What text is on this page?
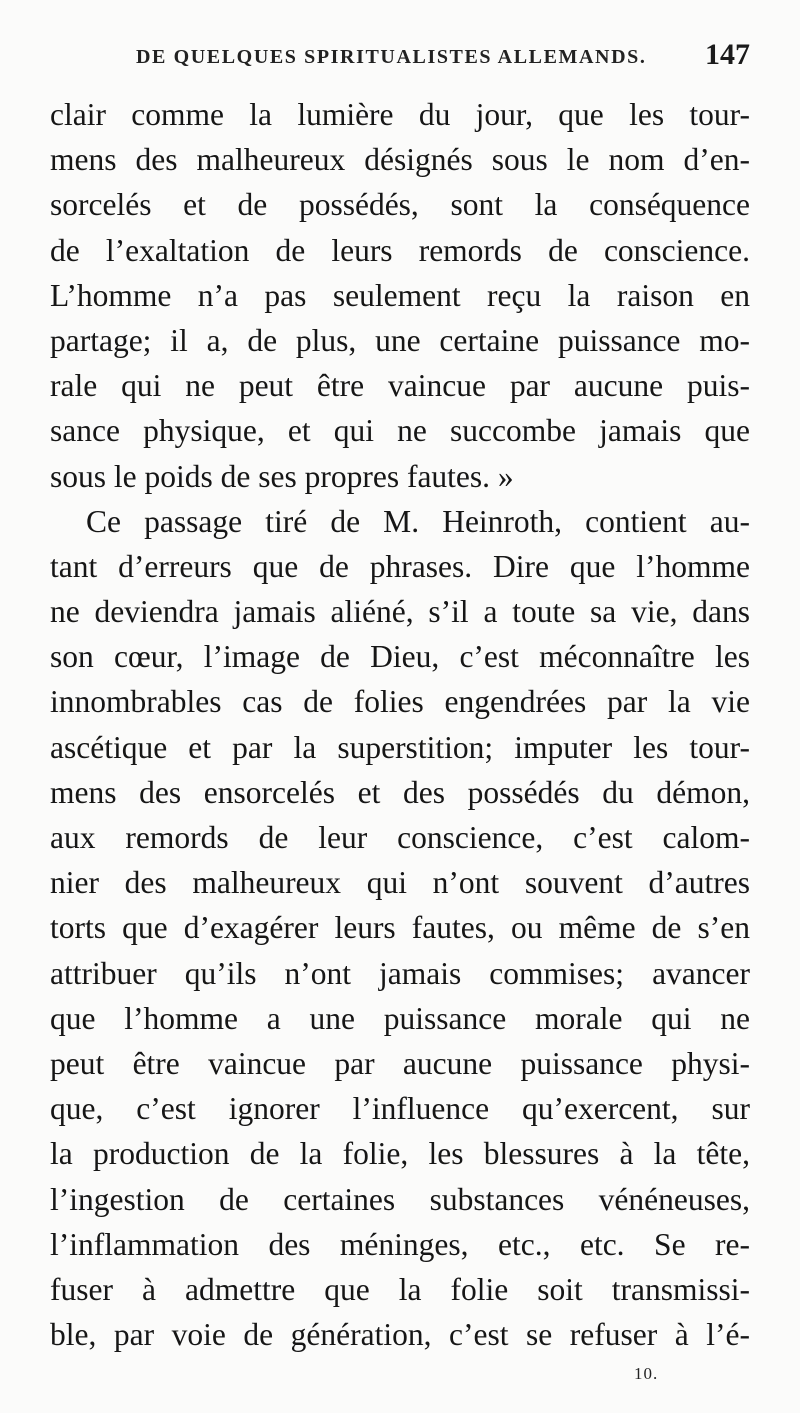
DE QUELQUES SPIRITUALISTES ALLEMANDS. 147
clair comme la lumière du jour, que les tour-
mens des malheureux désignés sous le nom d’en-
sorcelés et de possédés, sont la conséquence
de l’exaltation de leurs remords de conscience.
L’homme n’a pas seulement reçu la raison en
partage; il a, de plus, une certaine puissance mo-
rale qui ne peut être vaincue par aucune puis-
sance physique, et qui ne succombe jamais que
sous le poids de ses propres fautes. »
Ce passage tiré de M. Heinroth, contient au-
tant d’erreurs que de phrases. Dire que l’homme
ne deviendra jamais aliéné, s’il a toute sa vie, dans
son cœur, l’image de Dieu, c’est méconnaître les
innombrables cas de folies engendrées par la vie
ascétique et par la superstition; imputer les tour-
mens des ensorcelés et des possédés du démon,
aux remords de leur conscience, c’est calom-
nier des malheureux qui n’ont souvent d’autres
torts que d’exagérer leurs fautes, ou même de s’en
attribuer qu’ils n’ont jamais commises; avancer
que l’homme a une puissance morale qui ne
peut être vaincue par aucune puissance physi-
que, c’est ignorer l’influence qu’exercent, sur
la production de la folie, les blessures à la tête,
l’ingestion de certaines substances vénéneuses,
l’inflammation des méninges, etc., etc. Se re-
fuser à admettre que la folie soit transmissi-
ble, par voie de génération, c’est se refuser à l’é-
10.
